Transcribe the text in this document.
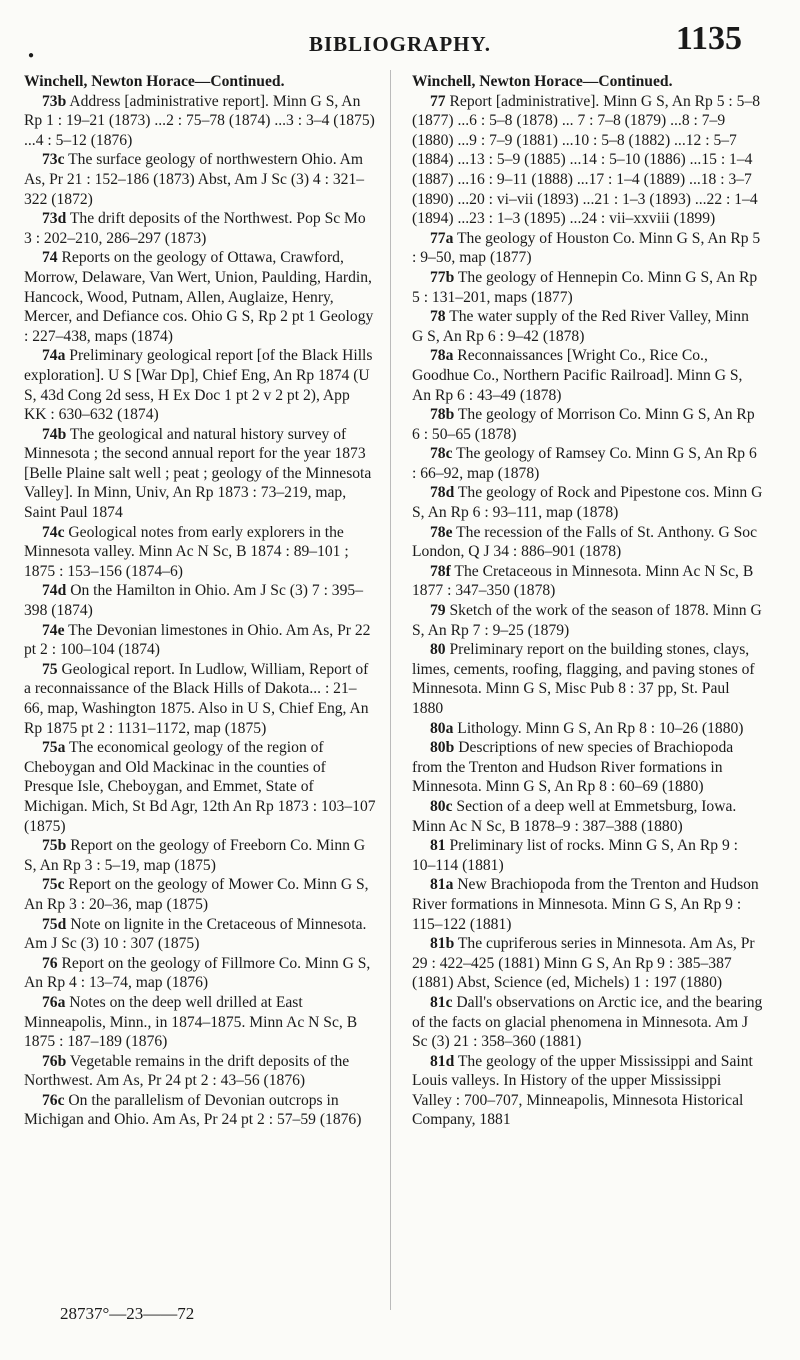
BIBLIOGRAPHY.	1135
●

Winchell, Newton Horace—Continued.

73b Address [administrative report]. Minn G S, An Rp 1 : 19–21 (1873) ...2 : 75–78 (1874) ...3 : 3–4 (1875) ...4 : 5–12 (1876)

73c The surface geology of northwestern Ohio. Am As, Pr 21 : 152–186 (1873) Abst, Am J Sc (3) 4 : 321–322 (1872)

73d The drift deposits of the Northwest. Pop Sc Mo 3 : 202–210, 286–297 (1873)

74 Reports on the geology of Ottawa, Crawford, Morrow, Delaware, Van Wert, Union, Paulding, Hardin, Hancock, Wood, Putnam, Allen, Auglaize, Henry, Mercer, and Defiance cos. Ohio G S, Rp 2 pt 1 Geology : 227–438, maps (1874)

74a Preliminary geological report [of the Black Hills exploration]. U S [War Dp], Chief Eng, An Rp 1874 (U S, 43d Cong 2d sess, H Ex Doc 1 pt 2 v 2 pt 2), App KK : 630–632 (1874)

74b The geological and natural history survey of Minnesota ; the second annual report for the year 1873 [Belle Plaine salt well ; peat ; geology of the Minnesota Valley]. In Minn, Univ, An Rp 1873 : 73–219, map, Saint Paul 1874

74c Geological notes from early explorers in the Minnesota valley. Minn Ac N Sc, B 1874 : 89–101 ; 1875 : 153–156 (1874–6)

74d On the Hamilton in Ohio. Am J Sc (3) 7 : 395–398 (1874)

74e The Devonian limestones in Ohio. Am As, Pr 22 pt 2 : 100–104 (1874)

75 Geological report. In Ludlow, William, Report of a reconnaissance of the Black Hills of Dakota... : 21–66, map, Washington 1875. Also in U S, Chief Eng, An Rp 1875 pt 2 : 1131–1172, map (1875)

75a The economical geology of the region of Cheboygan and Old Mackinac in the counties of Presque Isle, Cheboygan, and Emmet, State of Michigan. Mich, St Bd Agr, 12th An Rp 1873 : 103–107 (1875)

75b Report on the geology of Freeborn Co. Minn G S, An Rp 3 : 5–19, map (1875)

75c Report on the geology of Mower Co. Minn G S, An Rp 3 : 20–36, map (1875)

75d Note on lignite in the Cretaceous of Minnesota. Am J Sc (3) 10 : 307 (1875)

76 Report on the geology of Fillmore Co. Minn G S, An Rp 4 : 13–74, map (1876)

76a Notes on the deep well drilled at East Minneapolis, Minn., in 1874–1875. Minn Ac N Sc, B 1875 : 187–189 (1876)

76b Vegetable remains in the drift deposits of the Northwest. Am As, Pr 24 pt 2 : 43–56 (1876)

76c On the parallelism of Devonian outcrops in Michigan and Ohio. Am As, Pr 24 pt 2 : 57–59 (1876)

Winchell, Newton Horace—Continued.

77 Report [administrative]. Minn G S, An Rp 5 : 5–8 (1877) ...6 : 5–8 (1878) ... 7 : 7–8 (1879) ...8 : 7–9 (1880) ...9 : 7–9 (1881) ...10 : 5–8 (1882) ...12 : 5–7 (1884) ...13 : 5–9 (1885) ...14 : 5–10 (1886) ...15 : 1–4 (1887) ...16 : 9–11 (1888) ...17 : 1–4 (1889) ...18 : 3–7 (1890) ...20 : vi–vii (1893) ...21 : 1–3 (1893) ...22 : 1–4 (1894) ...23 : 1–3 (1895) ...24 : vii–xxviii (1899)

77a The geology of Houston Co. Minn G S, An Rp 5 : 9–50, map (1877)

77b The geology of Hennepin Co. Minn G S, An Rp 5 : 131–201, maps (1877)

78 The water supply of the Red River Valley, Minn G S, An Rp 6 : 9–42 (1878)

78a Reconnaissances [Wright Co., Rice Co., Goodhue Co., Northern Pacific Railroad]. Minn G S, An Rp 6 : 43–49 (1878)

78b The geology of Morrison Co. Minn G S, An Rp 6 : 50–65 (1878)

78c The geology of Ramsey Co. Minn G S, An Rp 6 : 66–92, map (1878)

78d The geology of Rock and Pipestone cos. Minn G S, An Rp 6 : 93–111, map (1878)

78e The recession of the Falls of St. Anthony. G Soc London, Q J 34 : 886–901 (1878)

78f The Cretaceous in Minnesota. Minn Ac N Sc, B 1877 : 347–350 (1878)

79 Sketch of the work of the season of 1878. Minn G S, An Rp 7 : 9–25 (1879)

80 Preliminary report on the building stones, clays, limes, cements, roofing, flagging, and paving stones of Minnesota. Minn G S, Misc Pub 8 : 37 pp, St. Paul 1880

80a Lithology. Minn G S, An Rp 8 : 10–26 (1880)

80b Descriptions of new species of Brachiopoda from the Trenton and Hudson River formations in Minnesota. Minn G S, An Rp 8 : 60–69 (1880)

80c Section of a deep well at Emmetsburg, Iowa. Minn Ac N Sc, B 1878–9 : 387–388 (1880)

81 Preliminary list of rocks. Minn G S, An Rp 9 : 10–114 (1881)

81a New Brachiopoda from the Trenton and Hudson River formations in Minnesota. Minn G S, An Rp 9 : 115–122 (1881)

81b The cupriferous series in Minnesota. Am As, Pr 29 : 422–425 (1881) Minn G S, An Rp 9 : 385–387 (1881) Abst, Science (ed, Michels) 1 : 197 (1880)

81c Dall's observations on Arctic ice, and the bearing of the facts on glacial phenomena in Minnesota. Am J Sc (3) 21 : 358–360 (1881)

81d The geology of the upper Mississippi and Saint Louis valleys. In History of the upper Mississippi Valley : 700–707, Minneapolis, Minnesota Historical Company, 1881

28737°—23——72
